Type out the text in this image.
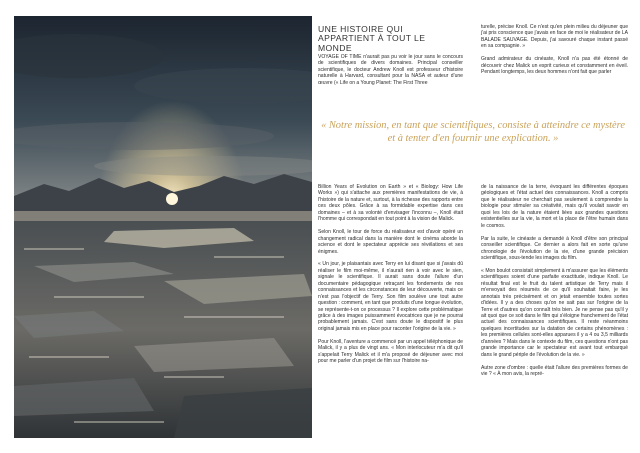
UNE HISTOIRE QUI APPARTIENT À TOUT LE MONDE

VOYAGE OF TIME n'aurait pas pu voir le jour sans le concours de scientifiques de divers domaines. Principal conseiller scientifique, le docteur Andrew Knoll est professeur d'histoire naturelle à Harvard, consultant pour la NASA et auteur d'une œuvre (« Life on a Young Planet: The First Three

turelle, précise Knoll. Ce n'est qu'en plein milieu du déjeuner que j'ai pris conscience que j'avais en face de moi le réalisateur de LA BALADE SAUVAGE. Depuis, j'ai savouré chaque instant passé en sa compagnie. »

Grand admirateur du cinéaste, Knoll n'a pas été étonné de découvrir chez Malick un esprit curieux et constamment en éveil. Pendant longtemps, les deux hommes n'ont fait que parler

« Notre mission, en tant que scientifiques, consiste à atteindre ce mystère et à tenter d'en fournir une explication. »

Billion Years of Evolution on Earth » et « Biology: How Life Works ») qui s'attache aux premières manifestations de vie, à l'histoire de la nature et, surtout, à la richesse des rapports entre ces deux pôles. Grâce à sa formidable expertise dans ces domaines – et à sa volonté d'envisager l'inconnu –, Knoll était l'homme qui correspondait en tout point à la vision de Malick.

Selon Knoll, le tour de force du réalisateur est d'avoir opéré un changement radical dans la manière dont le cinéma aborde la science et dont le spectateur apprécie ses révélations et ses énigmes.

« Un jour, je plaisantais avec Terry en lui disant que si j'avais dû réaliser le film moi-même, il n'aurait rien à voir avec le sien, signale le scientifique. Il aurait sans doute l'allure d'un documentaire pédagogique retraçant les fondements de nos connaissances et les circonstances de leur découverte, mais ce n'est pas l'objectif de Terry. Son film soulève une tout autre question : comment, en tant que produits d'une longue évolution, se représente-t-on ce processus ? Il explore cette problématique grâce à des images puissamment évocatrices que je ne pourrai probablement jamais. C'est sans doute le dispositif le plus original jamais mis en place pour raconter l'origine de la vie. »

Pour Knoll, l'aventure a commencé par un appel téléphonique de Malick, il y a plus de vingt ans. « Mon interlocuteur m'a dit qu'il s'appelait Terry Malick et il m'a proposé de déjeuner avec moi pour me parler d'un projet de film sur l'histoire na-

de la naissance de la terre, évoquant les différentes époques géologiques et l'état actuel des connaissances. Knoll a compris que le réalisateur ne cherchait pas seulement à comprendre la biologie pour stimuler sa créativité, mais qu'il voulait savoir en quoi les lois de la nature étaient liées aux grandes questions existentielles sur la vie, la mort et la place de l'être humain dans le cosmos.

Par la suite, le cinéaste a demandé à Knoll d'être son principal conseiller scientifique. Ce dernier a alors fait en sorte qu'une chronologie de l'évolution de la vie, d'une grande précision scientifique, sous-tende les images du film.

« Mon boulot consistait simplement à m'assurer que les éléments scientifiques soient d'une parfaite exactitude, indique Knoll. Le résultat final est le fruit du talent artistique de Terry mais il m'envoyait des résumés de ce qu'il souhaitait faire, je les annotais très précisément et on jetait ensemble toutes sortes d'idées. Il y a des choses qu'on ne sait pas sur l'origine de la Terre et d'autres qu'on connaît très bien. Je ne pense pas qu'il y ait quoi que ce soit dans le film qui s'éloigne franchement de l'état actuel des connaissances scientifiques. Il reste néanmoins quelques incertitudes sur la datation de certains phénomènes : les premières cellules sont-elles apparues il y a 4 ou 3,5 milliards d'années ? Mais dans le contexte du film, ces questions n'ont pas grande importance car le spectateur est avant tout embarqué dans le grand périple de l'évolution de la vie. »

Autre zone d'ombre : quelle était l'allure des premières formes de vie ? « À mon avis, la repré-
